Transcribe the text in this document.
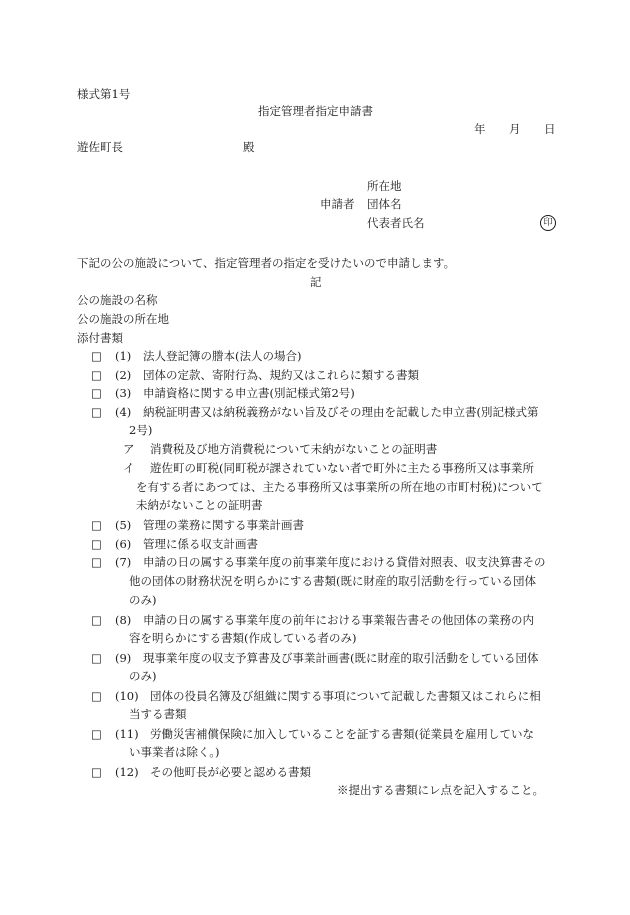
様式第1号
指定管理者指定申請書
年 月 日
遊佐町長	殿
所在地
申請者 団体名
代表者氏名	印
下記の公の施設について、指定管理者の指定を受けたいので申請します。
記
公の施設の名称
公の施設の所在地
添付書類
□ (1) 法人登記簿の謄本(法人の場合)
□ (2) 団体の定款、寄附行為、規約又はこれらに類する書類
□ (3) 申請資格に関する申立書(別記様式第2号)
□ (4) 納税証明書又は納税義務がない旨及びその理由を記載した申立書(別記様式第
2号)
ア 消費税及び地方消費税について未納がないことの証明書
イ 遊佐町の町税(同町税が課されていない者で町外に主たる事務所又は事業所
を有する者にあつては、主たる事務所又は事業所の所在地の市町村税)について
未納がないことの証明書
□ (5) 管理の業務に関する事業計画書
□ (6) 管理に係る収支計画書
□ (7) 申請の日の属する事業年度の前事業年度における貸借対照表、収支決算書その
他の団体の財務状況を明らかにする書類(既に財産的取引活動を行っている団体
のみ)
□ (8) 申請の日の属する事業年度の前年における事業報告書その他団体の業務の内
容を明らかにする書類(作成している者のみ)
□ (9) 現事業年度の収支予算書及び事業計画書(既に財産的取引活動をしている団体
のみ)
□ (10) 団体の役員名簿及び組織に関する事項について記載した書類又はこれらに相
当する書類
□ (11) 労働災害補償保険に加入していることを証する書類(従業員を雇用していな
い事業者は除く。)
□ (12) その他町長が必要と認める書類
※提出する書類にレ点を記入すること。
